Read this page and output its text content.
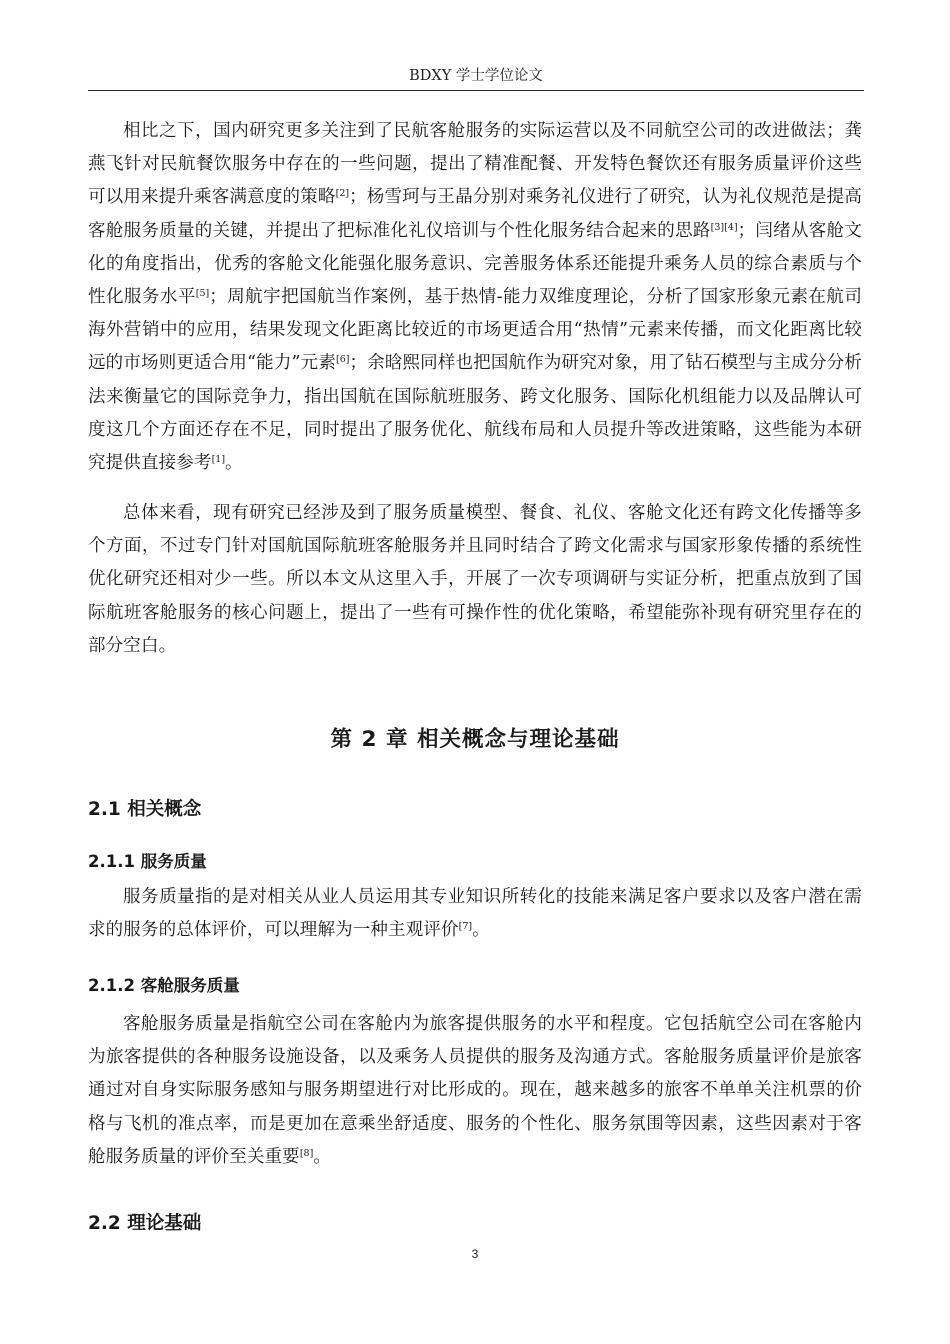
BDXY 学士学位论文

相比之下，国内研究更多关注到了民航客舱服务的实际运营以及不同航空公司的改进做法；龚燕飞针对民航餐饮服务中存在的一些问题，提出了精准配餐、开发特色餐饮还有服务质量评价这些可以用来提升乘客满意度的策略[2]；杨雪珂与王晶分别对乘务礼仪进行了研究，认为礼仪规范是提高客舱服务质量的关键，并提出了把标准化礼仪培训与个性化服务结合起来的思路[3][4]；闫绪从客舱文化的角度指出，优秀的客舱文化能强化服务意识、完善服务体系还能提升乘务人员的综合素质与个性化服务水平[5]；周航宇把国航当作案例，基于热情-能力双维度理论，分析了国家形象元素在航司海外营销中的应用，结果发现文化距离比较近的市场更适合用“热情”元素来传播，而文化距离比较远的市场则更适合用“能力”元素[6]；余晗熙同样也把国航作为研究对象，用了钻石模型与主成分分析法来衡量它的国际竞争力，指出国航在国际航班服务、跨文化服务、国际化机组能力以及品牌认可度这几个方面还存在不足，同时提出了服务优化、航线布局和人员提升等改进策略，这些能为本研究提供直接参考[1]。

总体来看，现有研究已经涉及到了服务质量模型、餐食、礼仪、客舱文化还有跨文化传播等多个方面，不过专门针对国航国际航班客舱服务并且同时结合了跨文化需求与国家形象传播的系统性优化研究还相对少一些。所以本文从这里入手，开展了一次专项调研与实证分析，把重点放到了国际航班客舱服务的核心问题上，提出了一些有可操作性的优化策略，希望能弥补现有研究里存在的部分空白。

第 2 章 相关概念与理论基础
2.1 相关概念
2.1.1 服务质量

服务质量指的是对相关从业人员运用其专业知识所转化的技能来满足客户要求以及客户潜在需求的服务的总体评价，可以理解为一种主观评价[7]。

2.1.2 客舱服务质量

客舱服务质量是指航空公司在客舱内为旅客提供服务的水平和程度。它包括航空公司在客舱内为旅客提供的各种服务设施设备，以及乘务人员提供的服务及沟通方式。客舱服务质量评价是旅客通过对自身实际服务感知与服务期望进行对比形成的。现在，越来越多的旅客不单单关注机票的价格与飞机的准点率，而是更加在意乘坐舒适度、服务的个性化、服务氛围等因素，这些因素对于客舱服务质量的评价至关重要[8]。

2.2 理论基础
3
